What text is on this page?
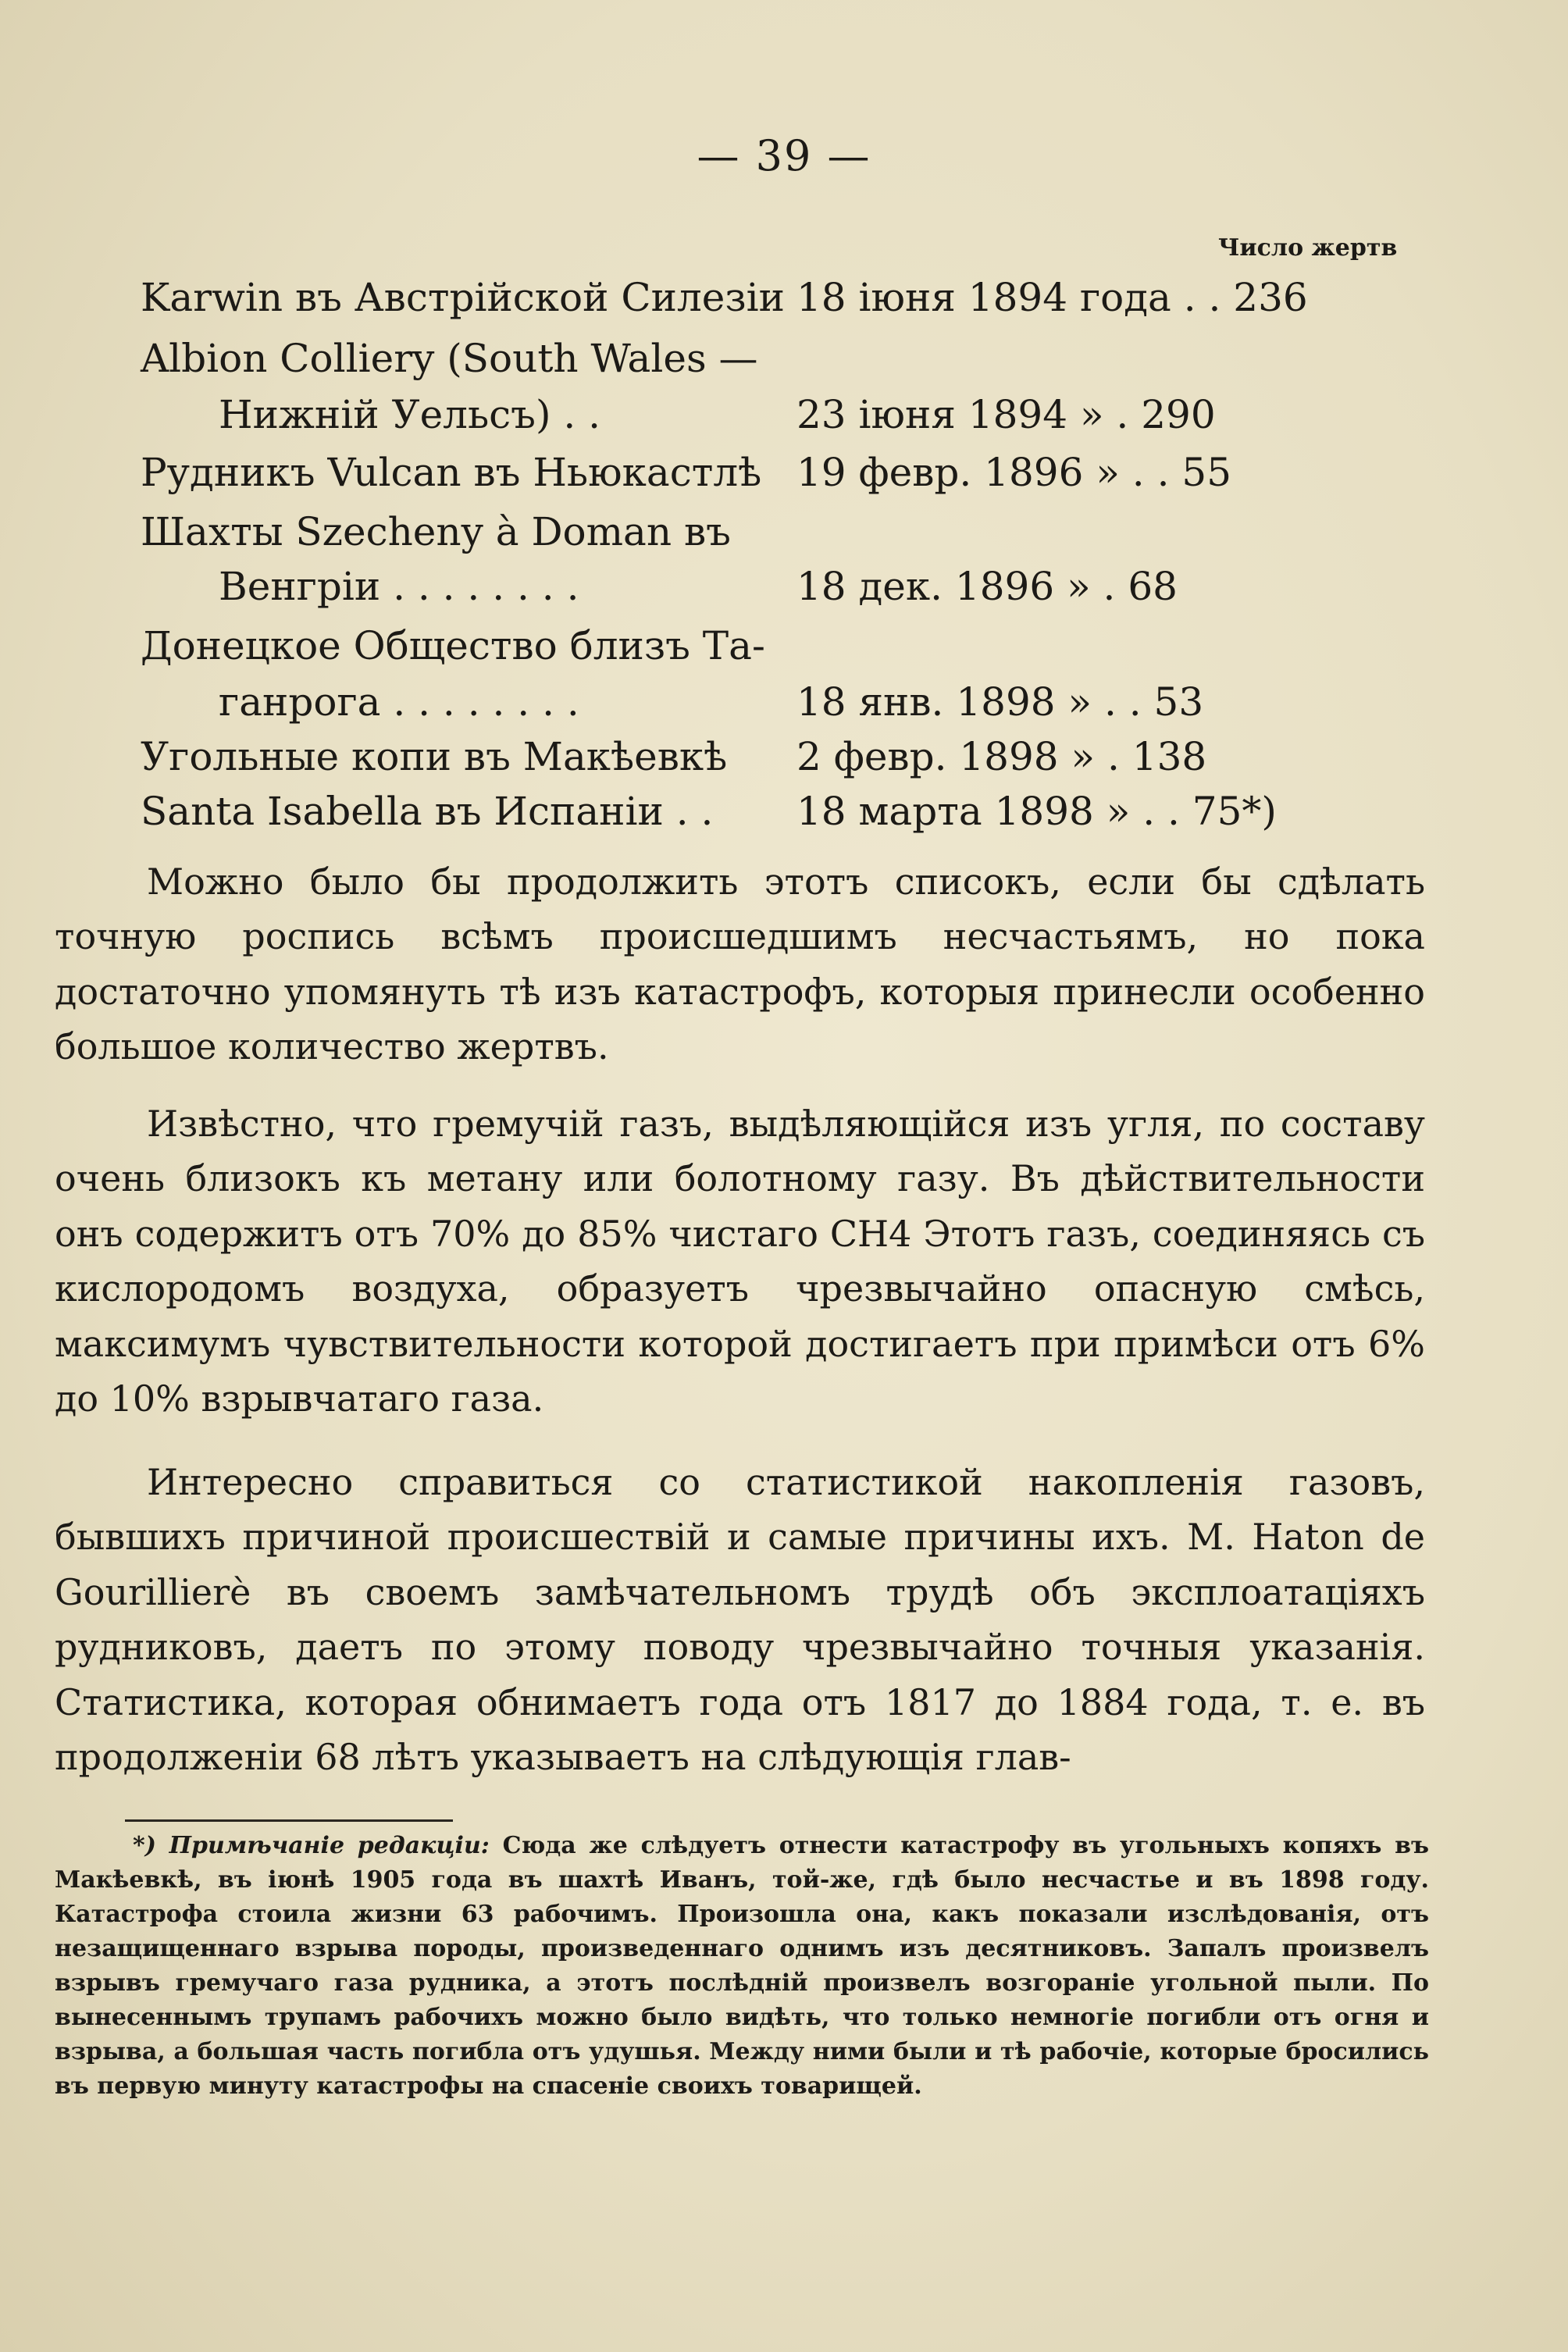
— 39 —
Число жертв
Karwin въ Австрійской Силезіи 18 іюня 1894 года . . 236
Albion Colliery (South Wales —
Нижній Уельсъ) . .	23 іюня 1894 » . 290
Рудникъ Vulcan въ Ньюкастлѣ 19 февр. 1896 » . . 55
Шахты Szecheny à Doman въ
Венгріи . . . . . . . .	18 дек. 1896 » . 68
Донецкое Общество близъ Та-
ганрога . . . . . . . .	18 янв. 1898 » . . 53
Угольные копи въ Макѣевкѣ 2 февр. 1898 » . 138
Santa Isabella въ Испаніи . . 18 марта 1898 » . . 75*)

Можно было бы продолжить этотъ списокъ, если бы сдѣлать точную роспись всѣмъ происшедшимъ несчастьямъ, но пока достаточно упомянуть тѣ изъ катастрофъ, которыя принесли особенно большое количество жертвъ.

Извѣстно, что гремучій газъ, выдѣляющійся изъ угля, по составу очень близокъ къ метану или болотному газу. Въ дѣйствительности онъ содержитъ отъ 70% до 85% чистаго CH4 Этотъ газъ, соединяясь съ кислородомъ воздуха, образуетъ чрезвычайно опасную смѣсь, максимумъ чувствительности которой достигаетъ при примѣси отъ 6% до 10% взрывчатаго газа.

Интересно справиться со статистикой накопленія газовъ, бывшихъ причиной происшествій и самые причины ихъ. M. Haton de Gourillierè въ своемъ замѣчательномъ трудѣ объ эксплоатаціяхъ рудниковъ, даетъ по этому поводу чрезвычайно точныя указанія. Статистика, которая обнимаетъ года отъ 1817 до 1884 года, т. е. въ продолженіи 68 лѣтъ указываетъ на слѣдующія глав-

*) Примѣчаніе редакціи: Сюда же слѣдуетъ отнести катастрофу въ угольныхъ копяхъ въ Макѣевкѣ, въ іюнѣ 1905 года въ шахтѣ Иванъ, той-же, гдѣ было несчастье и въ 1898 году. Катастрофа стоила жизни 63 рабочимъ. Произошла она, какъ показали изслѣдованія, отъ незащищеннаго взрыва породы, произведеннаго однимъ изъ десятниковъ. Запалъ произвелъ взрывъ гремучаго газа рудника, а этотъ послѣдній произвелъ возгораніе угольной пыли. По вынесеннымъ трупамъ рабочихъ можно было видѣть, что только немногіе погибли отъ огня и взрыва, а большая часть погибла отъ удушья. Между ними были и тѣ рабочіе, которые бросились въ первую минуту катастрофы на спасеніе своихъ товарищей.
